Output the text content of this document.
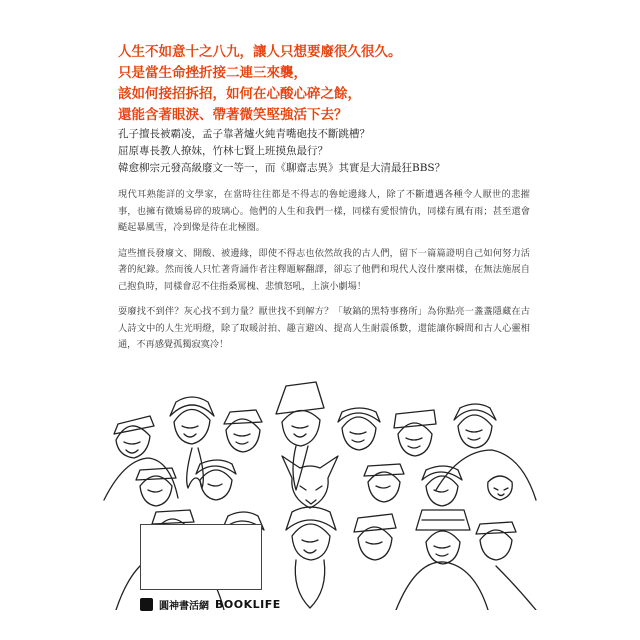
人生不如意十之八九，讓人只想要廢很久很久。

只是當生命挫折接二連三來襲，

該如何接招拆招，如何在心酸心碎之餘，

還能含著眼淚、帶著微笑堅強活下去？

孔子擅長被霸凌，孟子靠著爐火純青嘴砲技不斷跳槽？

屈原專長教人撩妹，竹林七賢上班摸魚最行？

韓愈柳宗元發高級廢文一等一，而《聊齋志異》其實是大清最狂BBS？

現代耳熟能詳的文學家，在當時往往都是不得志的魯蛇邊緣人，除了不斷遭遇各種令人厭世的悲摧事，也擁有微嬌易碎的玻璃心。他們的人生和我們一樣，同樣有愛恨情仇，同樣有風有雨；甚至還會颳起暴風雪，冷到像是待在北極圈。

這些擅長發廢文、開酸、被邊緣，即使不得志也依然故我的古人們，留下一篇篇證明自己如何努力活著的紀錄。然而後人只忙著背誦作者注釋題解翻譯，卻忘了他們和現代人沒什麼兩樣，在無法施展自己抱負時，同樣會忍不住指桑罵槐、悲憤怒吼，上演小劇場！

耍廢找不到伴？灰心找不到力量？厭世找不到解方？「敏鎬的黑特事務所」為你點亮一盞盞隱藏在古人詩文中的人生光明燈，除了取暖討拍、趣言避凶、提高人生耐震係數，還能讓你瞬間和古人心靈相通，不再感覺孤獨寂寞冷！

圓神書活網 BOOKLIFE
